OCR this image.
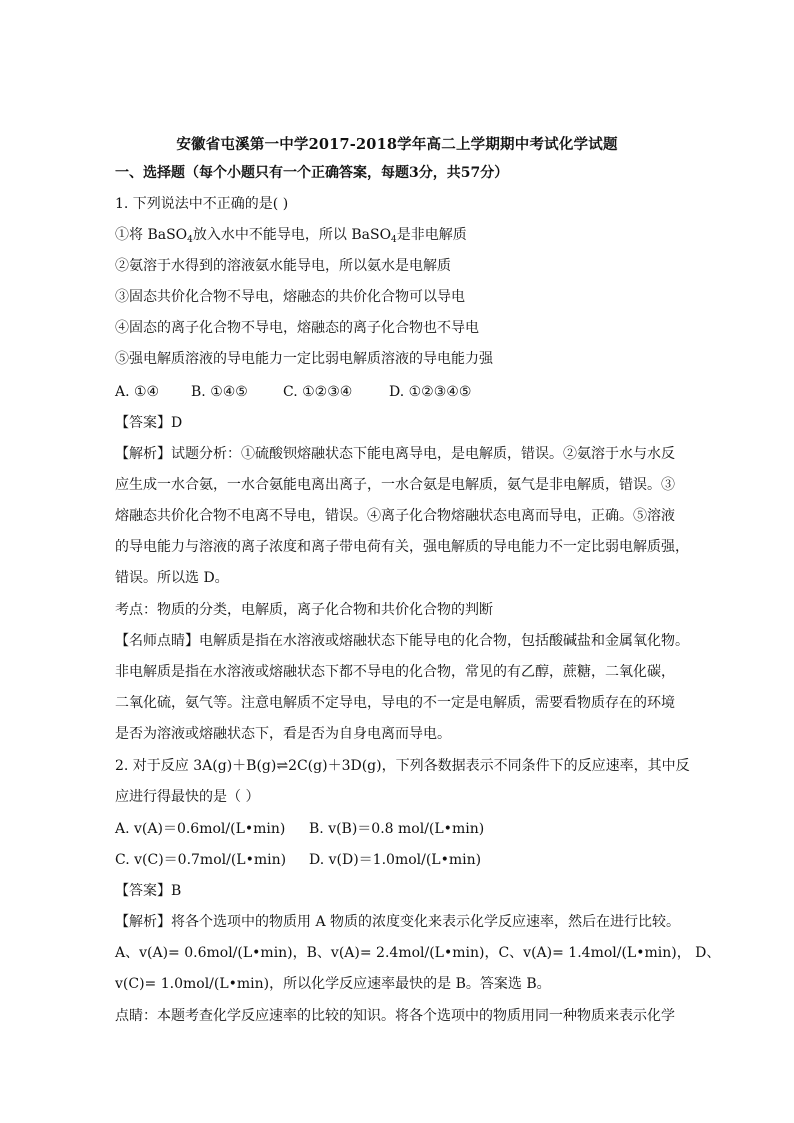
安徽省屯溪第一中学2017-2018学年高二上学期期中考试化学试题
一、选择题（每个小题只有一个正确答案，每题3分，共57分）
1. 下列说法中不正确的是( )
①将 BaSO$_4$放入水中不能导电，所以 BaSO$_4$是非电解质
②氨溶于水得到的溶液氨水能导电，所以氨水是电解质
③固态共价化合物不导电，熔融态的共价化合物可以导电
④固态的离子化合物不导电，熔融态的离子化合物也不导电
⑤强电解质溶液的导电能力一定比弱电解质溶液的导电能力强
A. ①④ B. ①④⑤	C. ①②③④	D. ①②③④⑤
【答案】D
【解析】试题分析：①硫酸钡熔融状态下能电离导电，是电解质，错误。②氨溶于水与水反
应生成一水合氨，一水合氨能电离出离子，一水合氨是电解质，氨气是非电解质，错误。③
熔融态共价化合物不电离不导电，错误。④离子化合物熔融状态电离而导电，正确。⑤溶液
的导电能力与溶液的离子浓度和离子带电荷有关，强电解质的导电能力不一定比弱电解质强，
错误。所以选 D。
考点：物质的分类，电解质，离子化合物和共价化合物的判断
【名师点睛】电解质是指在水溶液或熔融状态下能导电的化合物，包括酸碱盐和金属氧化物。
非电解质是指在水溶液或熔融状态下都不导电的化合物，常见的有乙醇，蔗糖，二氧化碳，
二氧化硫，氨气等。注意电解质不定导电，导电的不一定是电解质，需要看物质存在的环境
是否为溶液或熔融状态下，看是否为自身电离而导电。
2. 对于反应 3A(g)＋B(g)⇌2C(g)＋3D(g)，下列各数据表示不同条件下的反应速率，其中反
应进行得最快的是（ ）
A. v(A)＝0.6mol/(L•min) B. v(B)＝0.8 mol/(L•min)
C. v(C)＝0.7mol/(L•min) D. v(D)＝1.0mol/(L•min)
【答案】B
【解析】将各个选项中的物质用 A 物质的浓度变化来表示化学反应速率，然后在进行比较。
A、v(A)= 0.6mol/(L•min)，B、v(A)= 2.4mol/(L•min)，C、v(A)= 1.4mol/(L•min)， D、
v(C)= 1.0mol/(L•min)，所以化学反应速率最快的是 B。答案选 B。
点睛：本题考查化学反应速率的比较的知识。将各个选项中的物质用同一种物质来表示化学
